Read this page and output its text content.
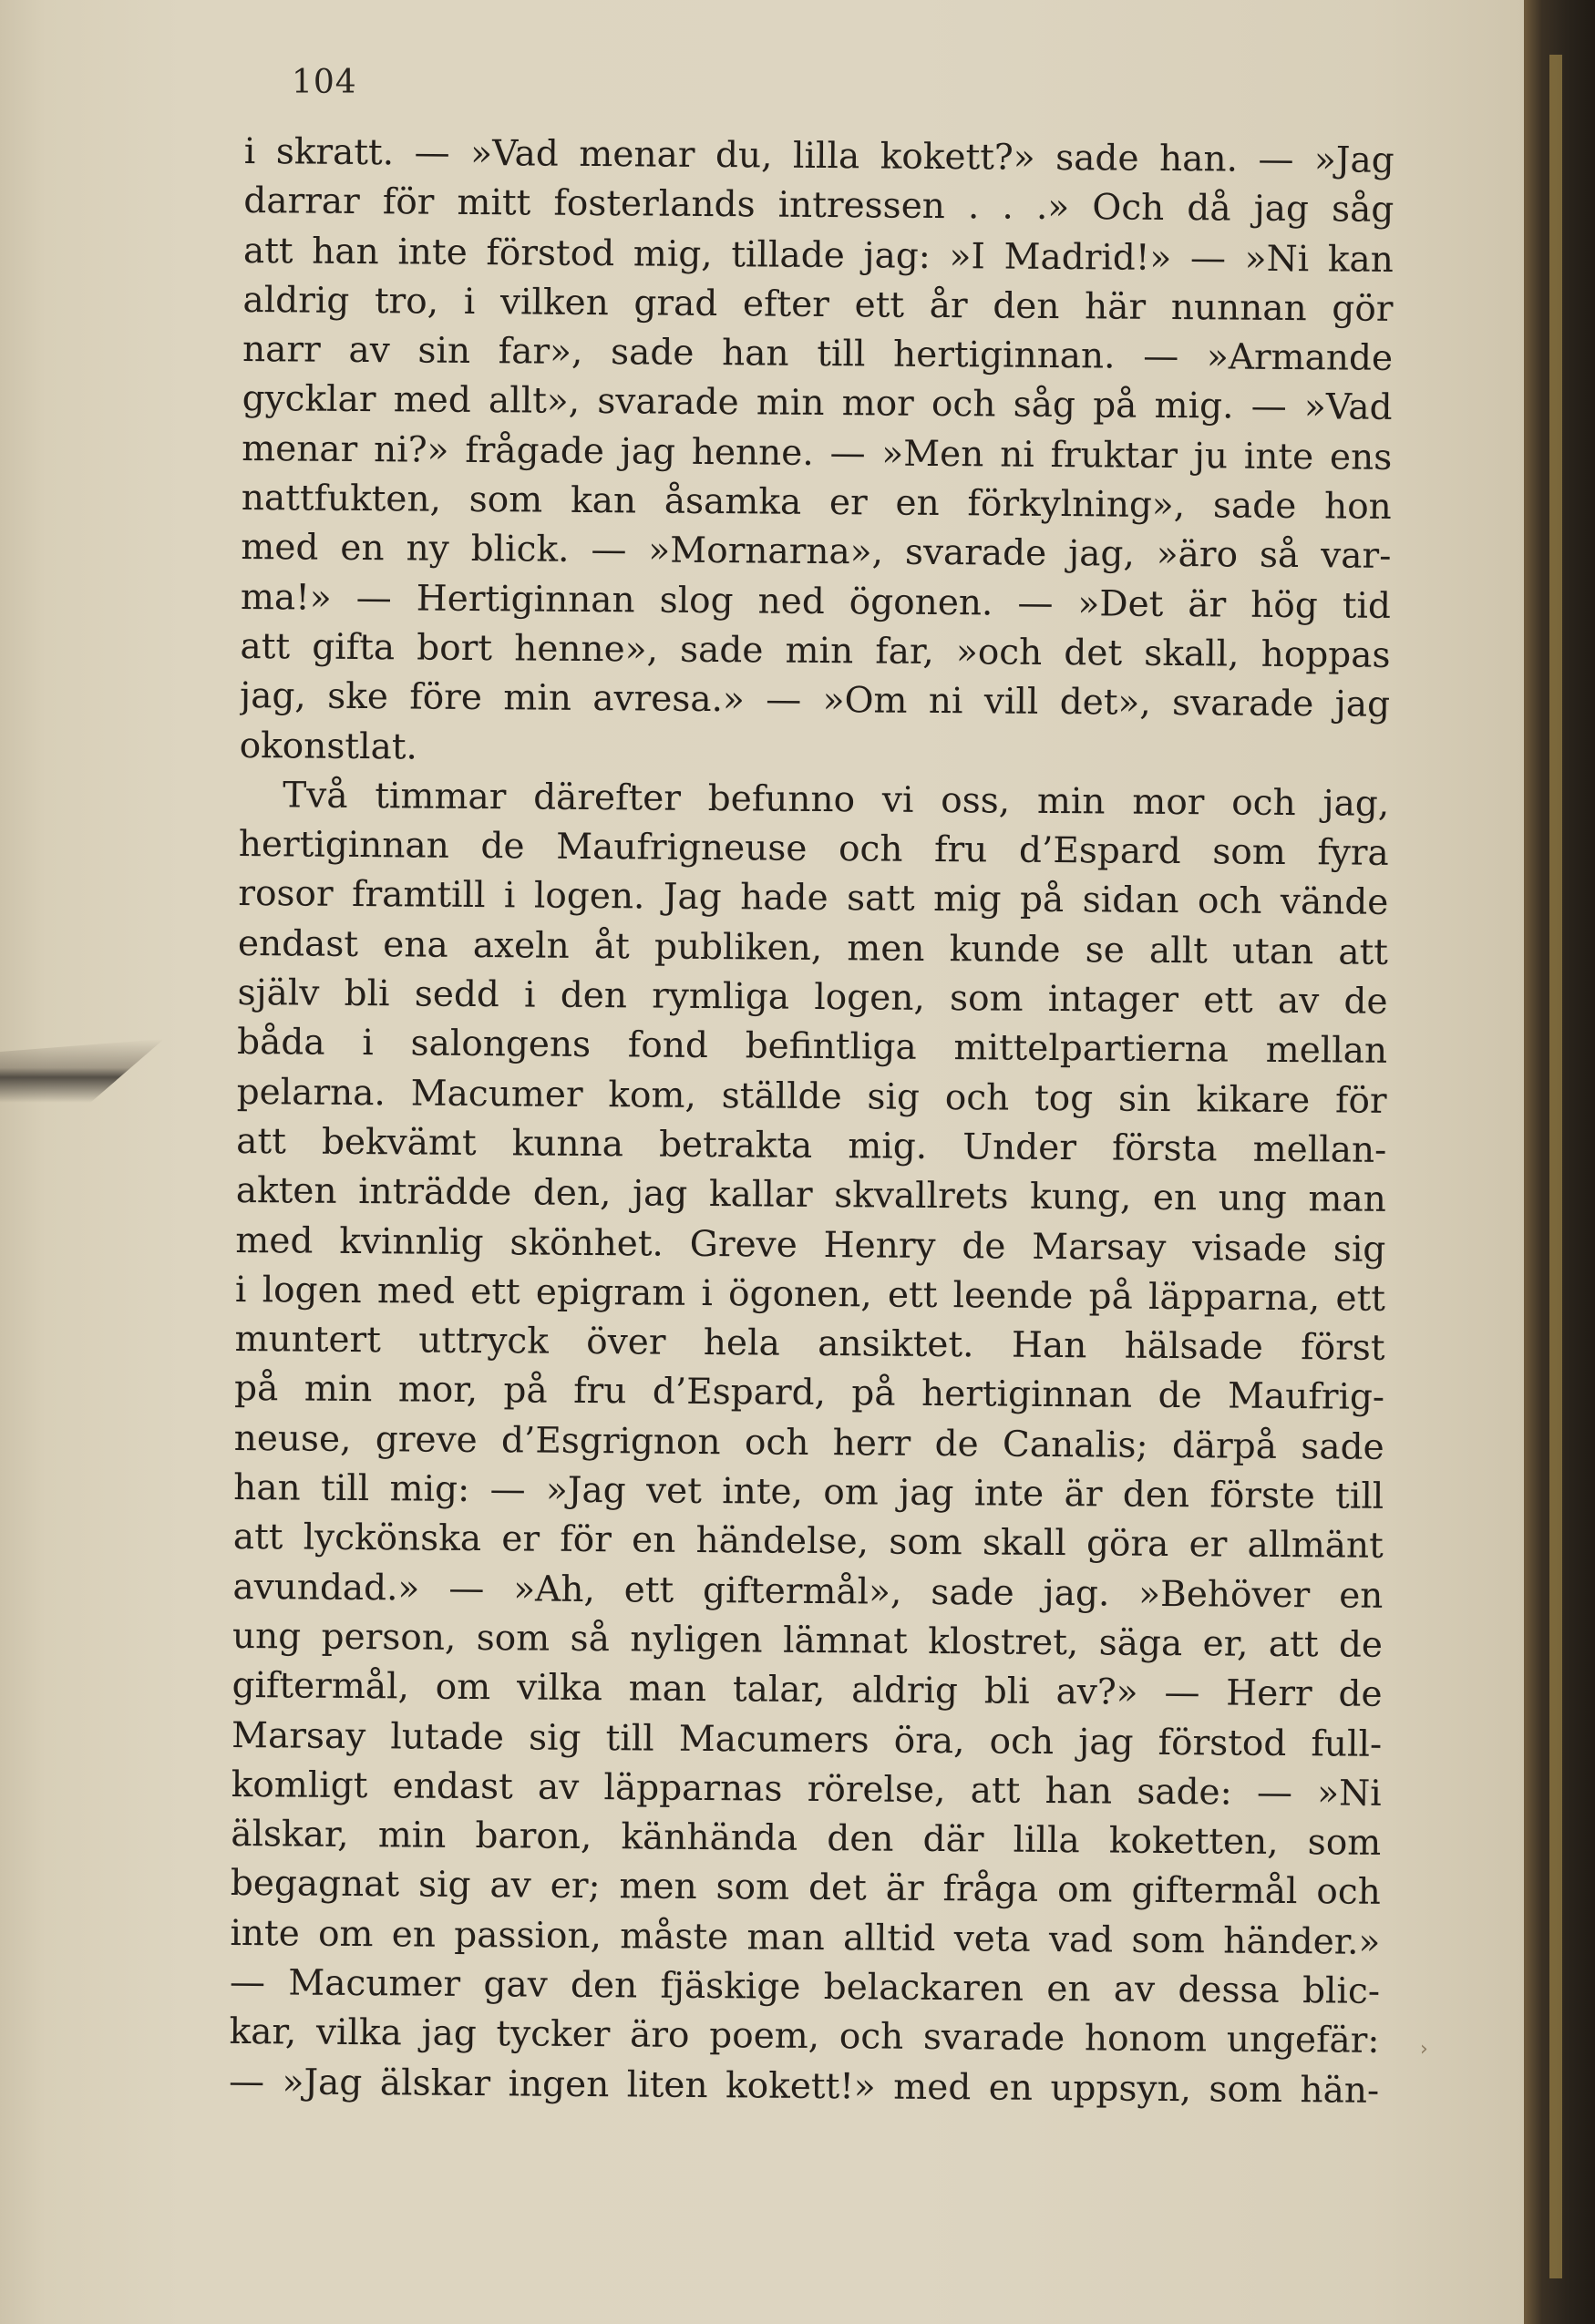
104
i skratt. — »Vad menar du, lilla kokett?» sade han. — »Jag
darrar för mitt fosterlands intressen . . .» Och då jag såg
att han inte förstod mig, tillade jag: »I Madrid!» — »Ni kan
aldrig tro, i vilken grad efter ett år den här nunnan gör
narr av sin far», sade han till hertiginnan. — »Armande
gycklar med allt», svarade min mor och såg på mig. — »Vad
menar ni?» frågade jag henne. — »Men ni fruktar ju inte ens
nattfukten, som kan åsamka er en förkylning», sade hon
med en ny blick. — »Mornarna», svarade jag, »äro så var-
ma!» — Hertiginnan slog ned ögonen. — »Det är hög tid
att gifta bort henne», sade min far, »och det skall, hoppas
jag, ske före min avresa.» — »Om ni vill det», svarade jag
okonstlat.
Två timmar därefter befunno vi oss, min mor och jag,
hertiginnan de Maufrigneuse och fru d’Espard som fyra
rosor framtill i logen. Jag hade satt mig på sidan och vände
endast ena axeln åt publiken, men kunde se allt utan att
själv bli sedd i den rymliga logen, som intager ett av de
båda i salongens fond befintliga mittelpartierna mellan
pelarna. Macumer kom, ställde sig och tog sin kikare för
att bekvämt kunna betrakta mig. Under första mellan-
akten inträdde den, jag kallar skvallrets kung, en ung man
med kvinnlig skönhet. Greve Henry de Marsay visade sig
i logen med ett epigram i ögonen, ett leende på läpparna, ett
muntert uttryck över hela ansiktet. Han hälsade först
på min mor, på fru d’Espard, på hertiginnan de Maufrig-
neuse, greve d’Esgrignon och herr de Canalis; därpå sade
han till mig: — »Jag vet inte, om jag inte är den förste till
att lyckönska er för en händelse, som skall göra er allmänt
avundad.» — »Ah, ett giftermål», sade jag. »Behöver en
ung person, som så nyligen lämnat klostret, säga er, att de
giftermål, om vilka man talar, aldrig bli av?» — Herr de
Marsay lutade sig till Macumers öra, och jag förstod full-
komligt endast av läpparnas rörelse, att han sade: — »Ni
älskar, min baron, känhända den där lilla koketten, som
begagnat sig av er; men som det är fråga om giftermål och
inte om en passion, måste man alltid veta vad som händer.»
— Macumer gav den fjäskige belackaren en av dessa blic-
kar, vilka jag tycker äro poem, och svarade honom ungefär:
— »Jag älskar ingen liten kokett!» med en uppsyn, som hän-
›
